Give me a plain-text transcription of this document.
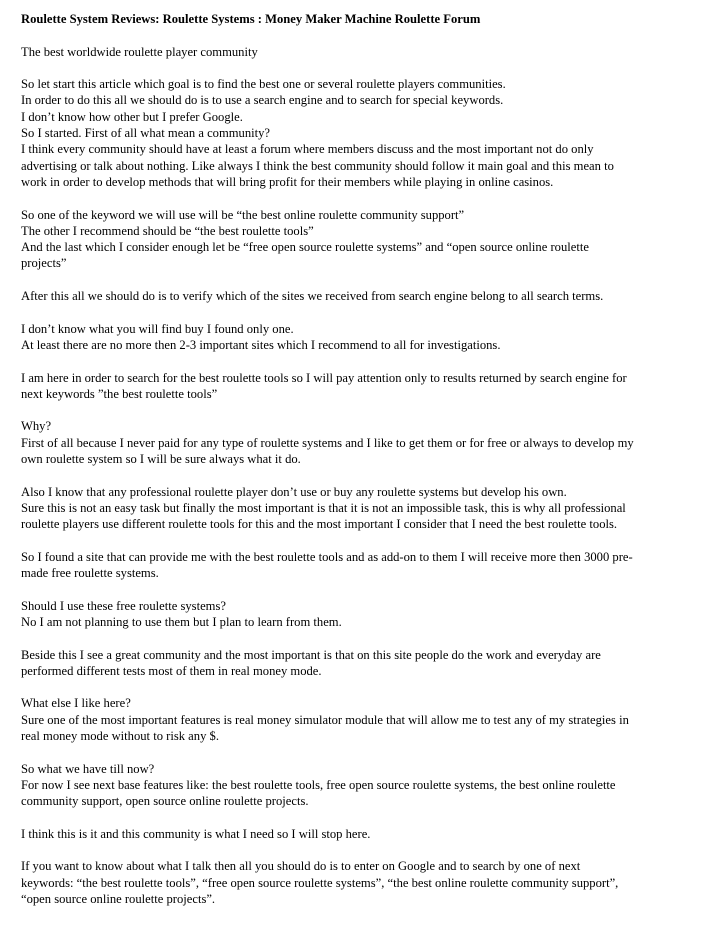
Roulette System Reviews: Roulette Systems : Money Maker Machine Roulette Forum
The best worldwide roulette player community
So let start this article which goal is to find the best one or several roulette players communities.
In order to do this all we should do is to use a search engine and to search for special keywords.
I don’t know how other but I prefer Google.
So I started. First of all what mean a community?
I think every community should have at least a forum where members discuss and the most important not do only
advertising or talk about nothing. Like always I think the best community should follow it main goal and this mean to
work in order to develop methods that will bring profit for their members while playing in online casinos.
So one of the keyword we will use will be “the best online roulette community support”
The other I recommend should be “the best roulette tools”
And the last which I consider enough let be “free open source roulette systems” and “open source online roulette
projects”
After this all we should do is to verify which of the sites we received from search engine belong to all search terms.
I don’t know what you will find buy I found only one.
At least there are no more then 2-3 important sites which I recommend to all for investigations.
I am here in order to search for the best roulette tools so I will pay attention only to results returned by search engine for
next keywords ”the best roulette tools”
Why?
First of all because I never paid for any type of roulette systems and I like to get them or for free or always to develop my
own roulette system so I will be sure always what it do.
Also I know that any professional roulette player don’t use or buy any roulette systems but develop his own.
Sure this is not an easy task but finally the most important is that it is not an impossible task, this is why all professional
roulette players use different roulette tools for this and the most important I consider that I need the best roulette tools.
So I found a site that can provide me with the best roulette tools and as add-on to them I will receive more then 3000 pre-
made free roulette systems.
Should I use these free roulette systems?
No I am not planning to use them but I plan to learn from them.
Beside this I see a great community and the most important is that on this site people do the work and everyday are
performed different tests most of them in real money mode.
What else I like here?
Sure one of the most important features is real money simulator module that will allow me to test any of my strategies in
real money mode without to risk any $.
So what we have till now?
For now I see next base features like: the best roulette tools, free open source roulette systems, the best online roulette
community support, open source online roulette projects.
I think this is it and this community is what I need so I will stop here.
If you want to know about what I talk then all you should do is to enter on Google and to search by one of next
keywords: “the best roulette tools”, “free open source roulette systems”, “the best online roulette community support”,
“open source online roulette projects”.
